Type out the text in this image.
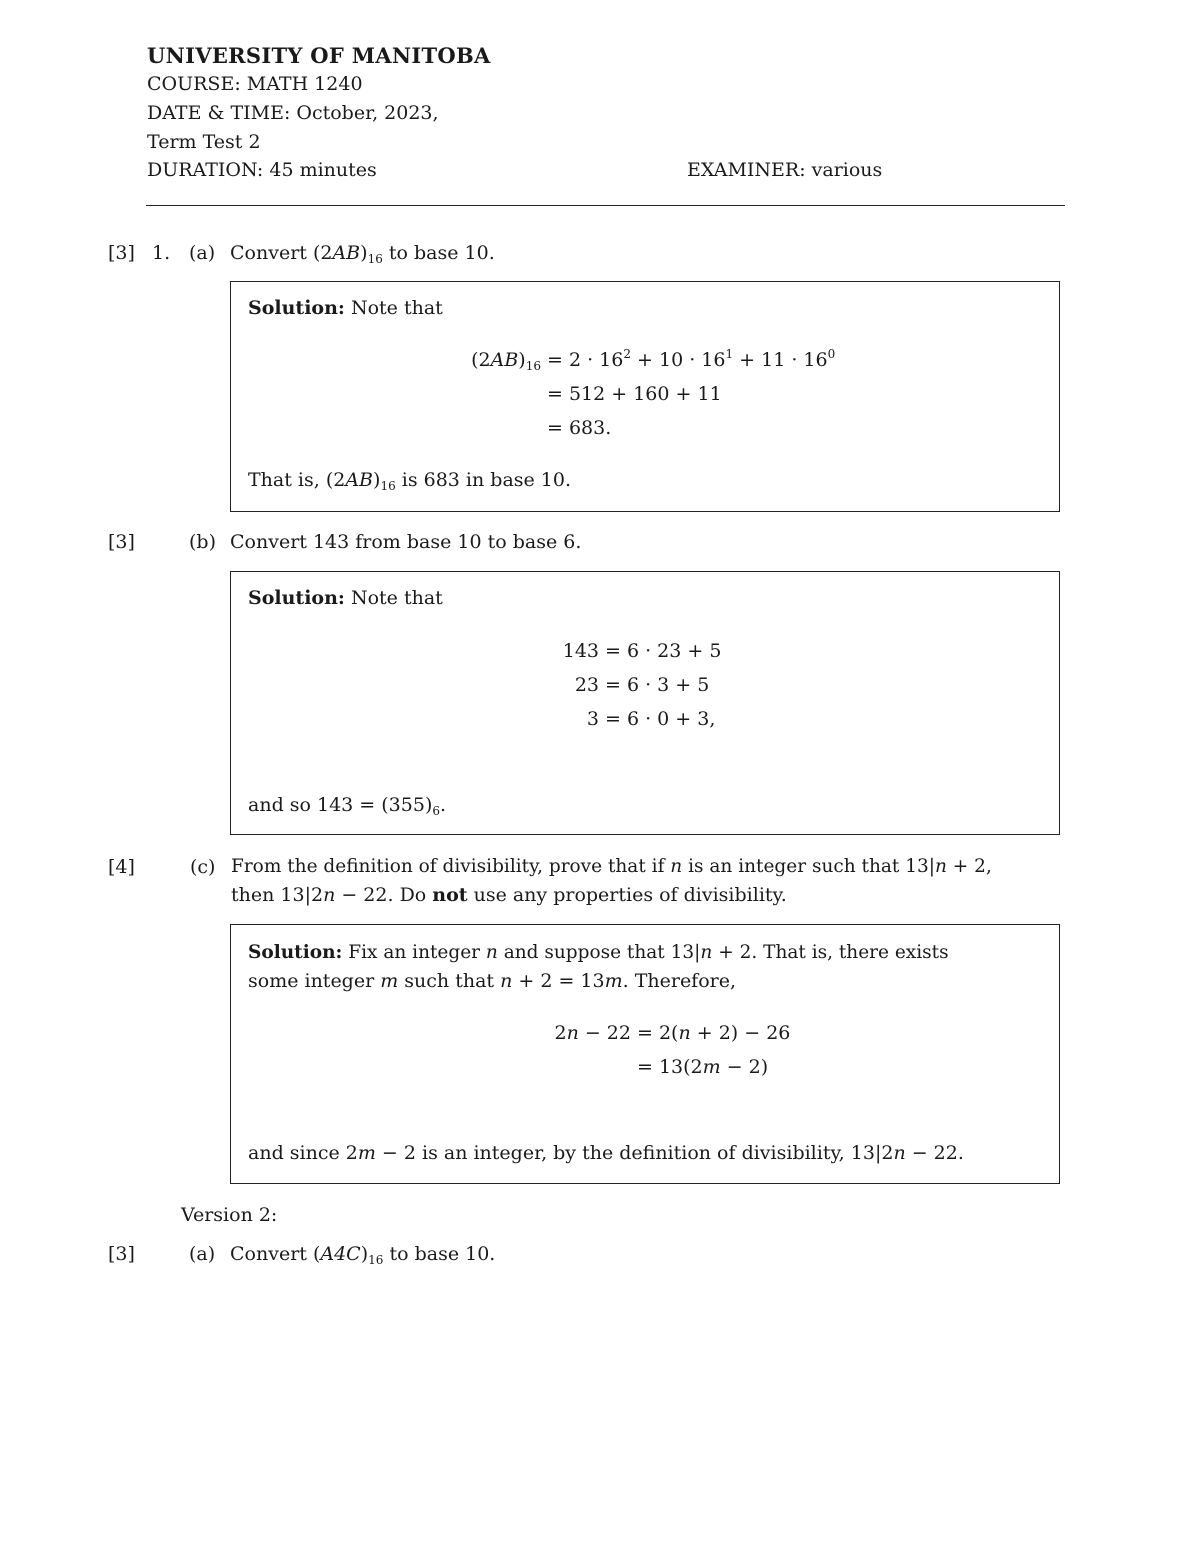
UNIVERSITY OF MANITOBA
COURSE: MATH 1240
DATE & TIME: October, 2023,
Term Test 2
DURATION: 45 minutes	EXAMINER: various
[3] 1. (a) Convert $(2AB)_{16}$ to base 10.
Solution: Note that
$(2AB)_{16} = 2 \cdot 16^2 + 10 \cdot 16^1 + 11 \cdot 16^0$
= 512 + 160 + 11
= 683.
That is, $(2AB)_{16}$ is 683 in base 10.
[3]	(b) Convert 143 from base 10 to base 6.
Solution: Note that
143 = 6 · 23 + 5
23 = 6 · 3 + 5
3 = 6 · 0 + 3,
and so $143 = (355)_6$.
[4]	(c) From the definition of divisibility, prove that if n is an integer such that 13|n + 2,
then 13|2n − 22. Do not use any properties of divisibility.
Solution: Fix an integer n and suppose that 13|n + 2. That is, there exists
some integer m such that n + 2 = 13m. Therefore,
2n − 22 = 2(n + 2) − 26
= 13(2m − 2)
and since 2m − 2 is an integer, by the definition of divisibility, 13|2n − 22.
Version 2:
[3]	(a) Convert $(A4C)_{16}$ to base 10.
